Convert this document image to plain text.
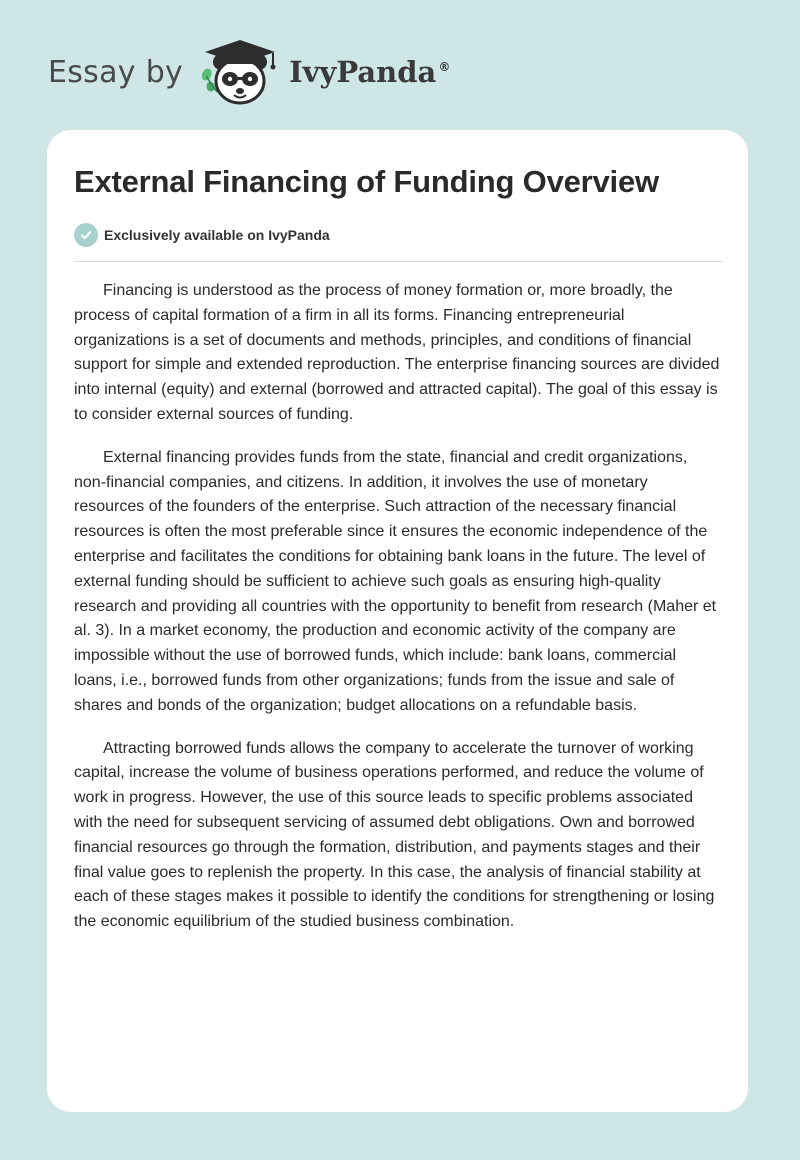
Essay by	IvyPanda ®
External Financing of Funding Overview
Exclusively available on IvyPanda

Financing is understood as the process of money formation or, more broadly, the process of capital formation of a firm in all its forms. Financing entrepreneurial organizations is a set of documents and methods, principles, and conditions of financial support for simple and extended reproduction. The enterprise financing sources are divided into internal (equity) and external (borrowed and attracted capital). The goal of this essay is to consider external sources of funding.

External financing provides funds from the state, financial and credit organizations, non-financial companies, and citizens. In addition, it involves the use of monetary resources of the founders of the enterprise. Such attraction of the necessary financial resources is often the most preferable since it ensures the economic independence of the enterprise and facilitates the conditions for obtaining bank loans in the future. The level of external funding should be sufficient to achieve such goals as ensuring high-quality research and providing all countries with the opportunity to benefit from research (Maher et al. 3). In a market economy, the production and economic activity of the company are impossible without the use of borrowed funds, which include: bank loans, commercial loans, i.e., borrowed funds from other organizations; funds from the issue and sale of shares and bonds of the organization; budget allocations on a refundable basis.

Attracting borrowed funds allows the company to accelerate the turnover of working capital, increase the volume of business operations performed, and reduce the volume of work in progress. However, the use of this source leads to specific problems associated with the need for subsequent servicing of assumed debt obligations. Own and borrowed financial resources go through the formation, distribution, and payments stages and their final value goes to replenish the property. In this case, the analysis of financial stability at each of these stages makes it possible to identify the conditions for strengthening or losing the economic equilibrium of the studied business combination.
